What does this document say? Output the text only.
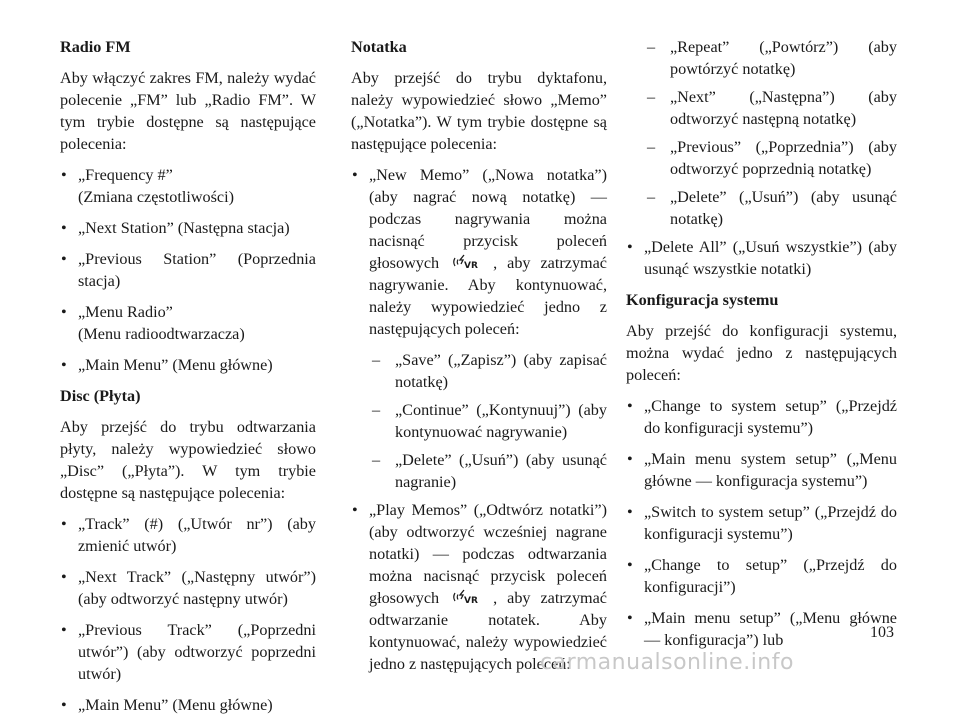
Radio FM
Aby włączyć zakres FM, należy wydać polecenie „FM” lub „Radio FM”. W tym trybie dostępne są następujące polecenia:
• „Frequency #”
(Zmiana częstotliwości)
• „Next Station” (Następna stacja)
• „Previous Station” (Poprzednia stacja)
• „Menu Radio”
(Menu radioodtwarzacza)
• „Main Menu” (Menu główne)
Disc (Płyta)
Aby przejść do trybu odtwarzania płyty, należy wypowiedzieć słowo „Disc” („Płyta”). W tym trybie dostępne są następujące polecenia:
• „Track” (#) („Utwór nr”) (aby zmienić utwór)
• „Next Track” („Następny utwór”) (aby odtworzyć następny utwór)
• „Previous Track” („Poprzedni utwór”) (aby odtworzyć poprzedni utwór)
• „Main Menu” (Menu główne)
Notatka
Aby przejść do trybu dyktafonu, należy wypowiedzieć słowo „Memo” („Notatka”). W tym trybie dostępne są następujące polecenia:
• „New Memo” („Nowa notatka”) (aby nagrać nową notatkę) — podczas nagrywania można nacisnąć przycisk poleceń głosowych	VR , aby zatrzymać nagrywanie. Aby kontynuować, należy wypowiedzieć jedno z następujących poleceń:
– „Save” („Zapisz”) (aby zapisać notatkę)
– „Continue” („Kontynuuj”) (aby kontynuować nagrywanie)
– „Delete” („Usuń”) (aby usunąć nagranie)
• „Play Memos” („Odtwórz notatki”) (aby odtworzyć wcześniej nagrane notatki) — podczas odtwarzania można nacisnąć przycisk poleceń głosowych	VR , aby zatrzymać odtwarzanie notatek. Aby kontynuować, należy wypowiedzieć jedno z następujących poleceń:
– „Repeat” („Powtórz”) (aby powtórzyć notatkę)
– „Next” („Następna”) (aby odtworzyć następną notatkę)
– „Previous” („Poprzednia”) (aby odtworzyć poprzednią notatkę)
– „Delete” („Usuń”) (aby usunąć notatkę)
• „Delete All” („Usuń wszystkie”) (aby usunąć wszystkie notatki)
Konfiguracja systemu
Aby przejść do konfiguracji systemu, można wydać jedno z następujących poleceń:
• „Change to system setup” („Przejdź do konfiguracji systemu”)
• „Main menu system setup” („Menu główne — konfiguracja systemu”)
• „Switch to system setup” („Przejdź do konfiguracji systemu”)
• „Change to setup” („Przejdź do konfiguracji”)
• „Main menu setup” („Menu główne — konfiguracja”) lub	103
carmanualsonline.info
